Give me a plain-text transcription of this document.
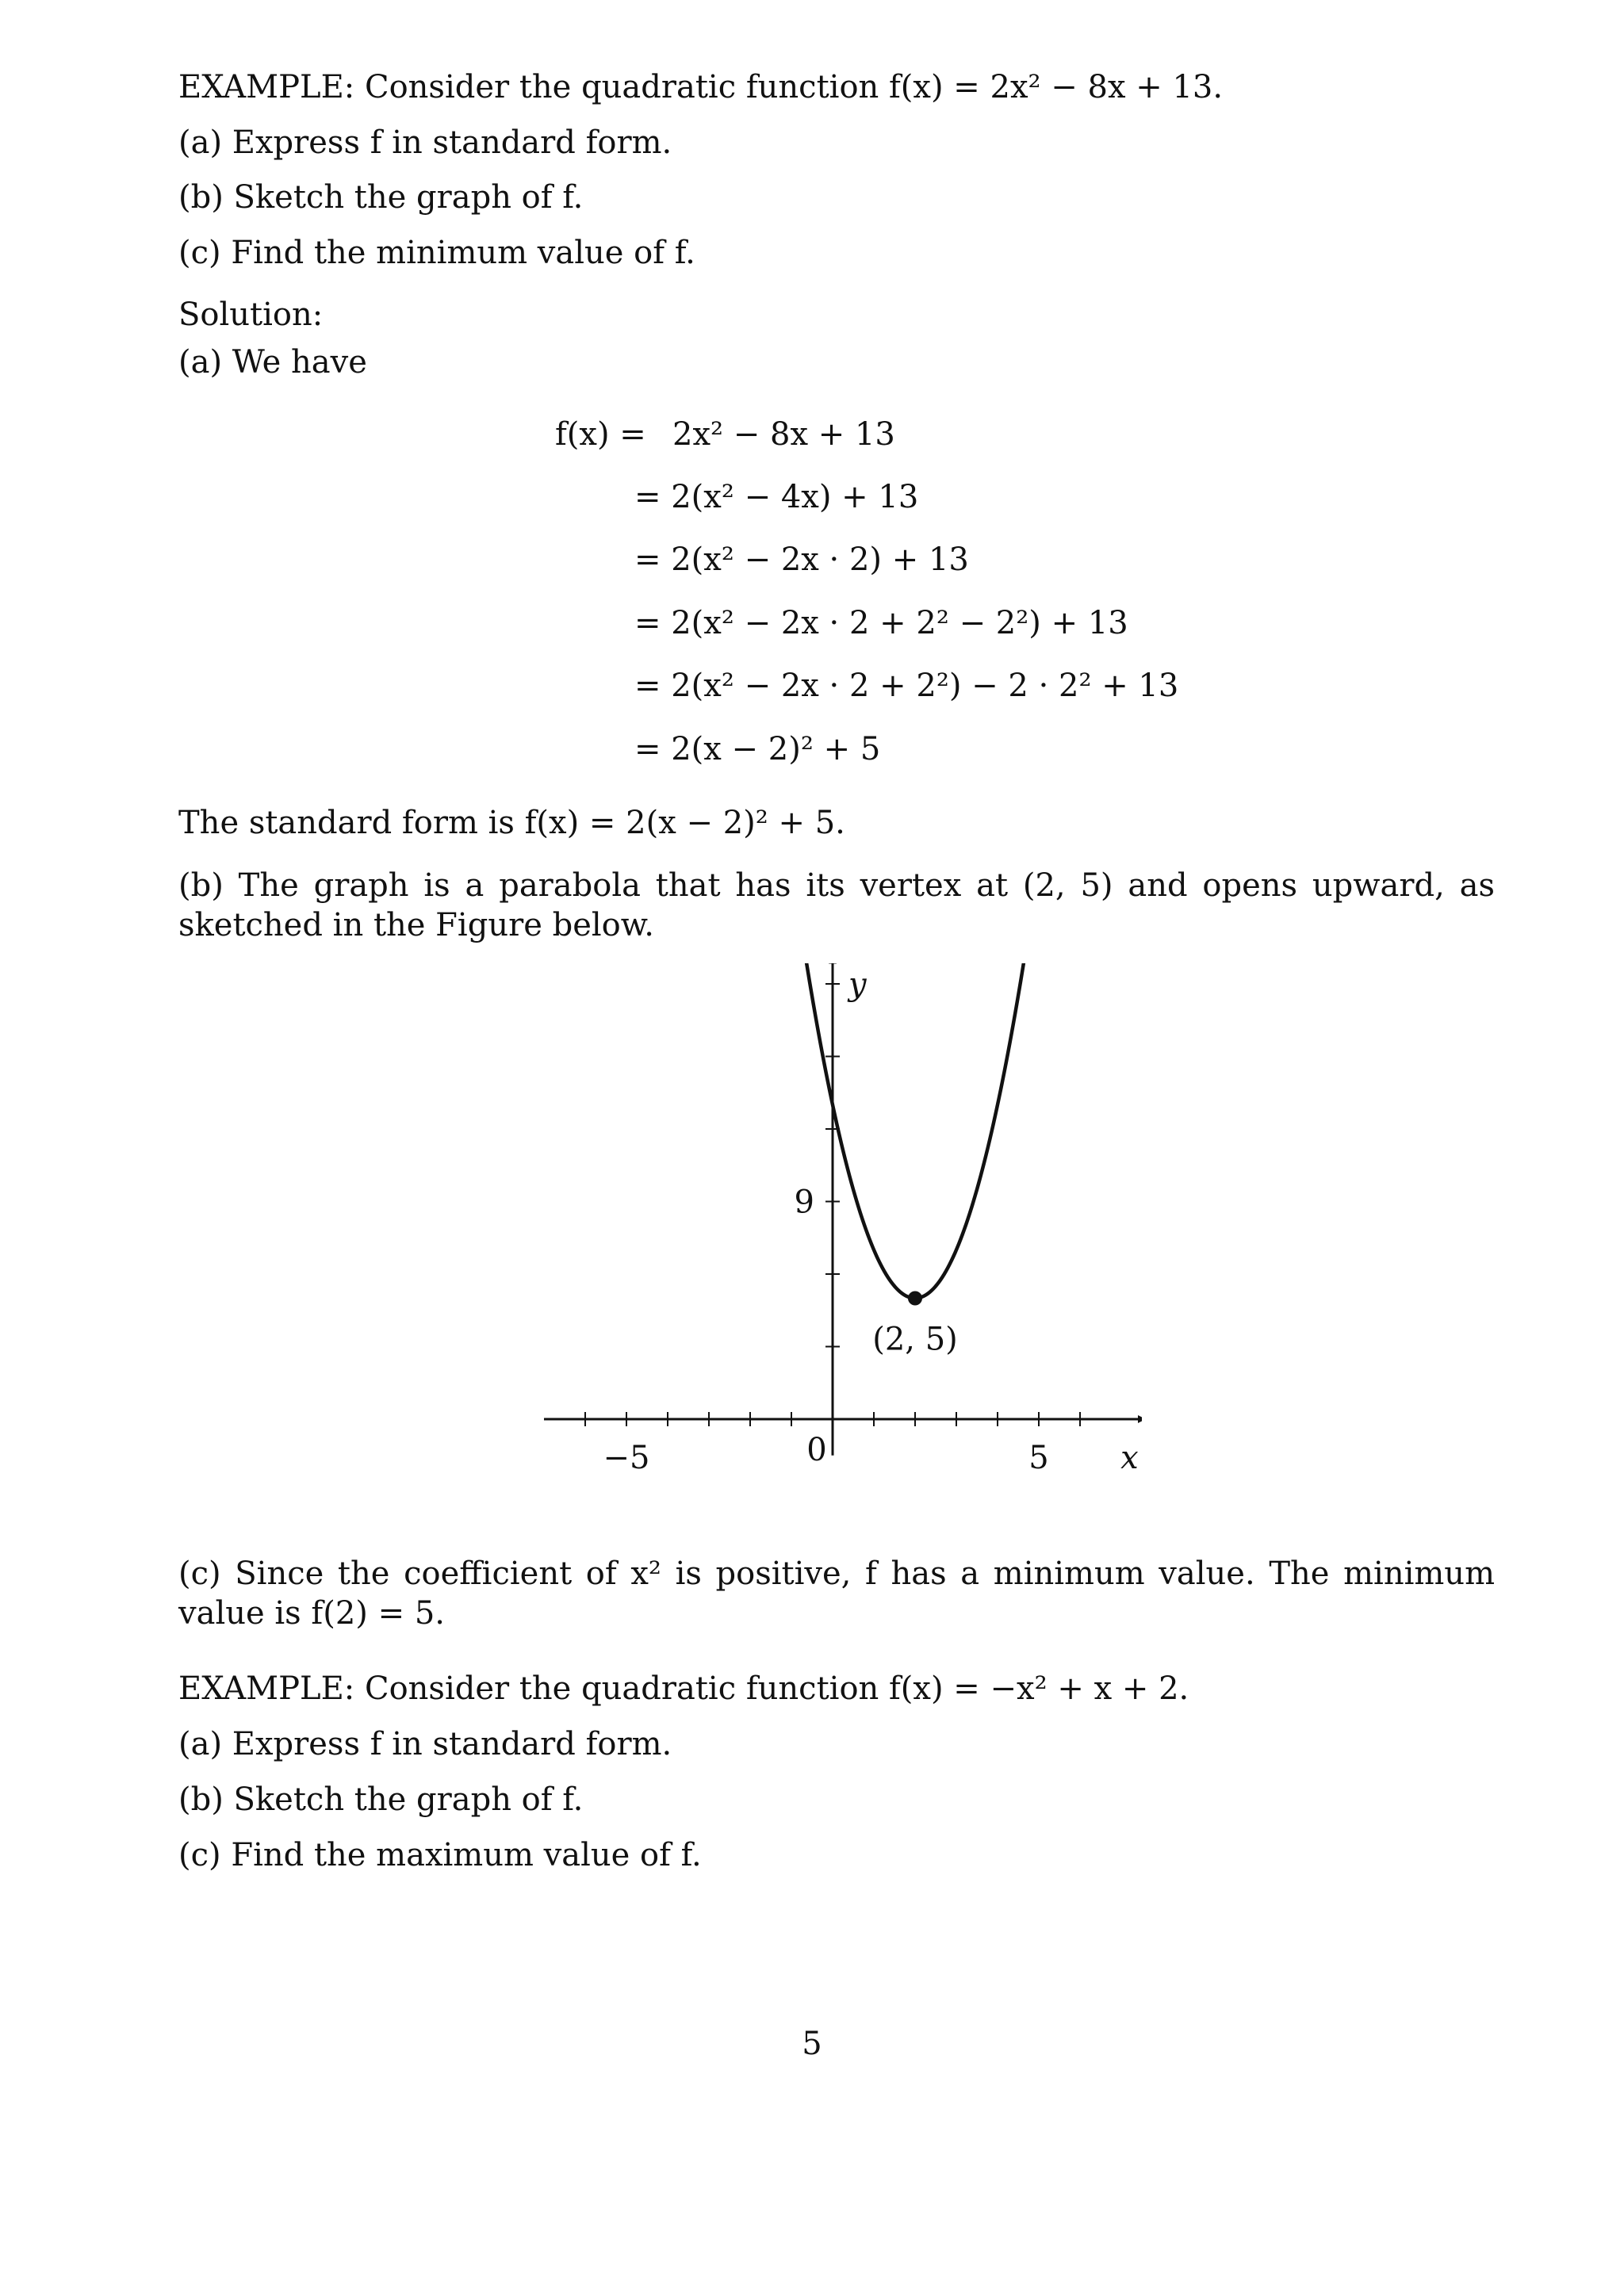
EXAMPLE: Consider the quadratic function f(x) = 2x² − 8x + 13.
(a) Express f in standard form.
(b) Sketch the graph of f.
(c) Find the minimum value of f.
Solution:
(a) We have
f(x) = 2x² − 8x + 13
= 2(x² − 4x) + 13
= 2(x² − 2x · 2) + 13
= 2(x² − 2x · 2 + 2² − 2²) + 13
= 2(x² − 2x · 2 + 2²) − 2 · 2² + 13
= 2(x − 2)² + 5
The standard form is f(x) = 2(x − 2)² + 5.
(b) The graph is a parabola that has its vertex at (2, 5) and opens upward, as sketched in the Figure below.
y
x
9
−5	5
0
(2, 5)
(c) Since the coefficient of x² is positive, f has a minimum value. The minimum value is f(2) = 5.
EXAMPLE: Consider the quadratic function f(x) = −x² + x + 2.
(a) Express f in standard form.
(b) Sketch the graph of f.
(c) Find the maximum value of f.
5
